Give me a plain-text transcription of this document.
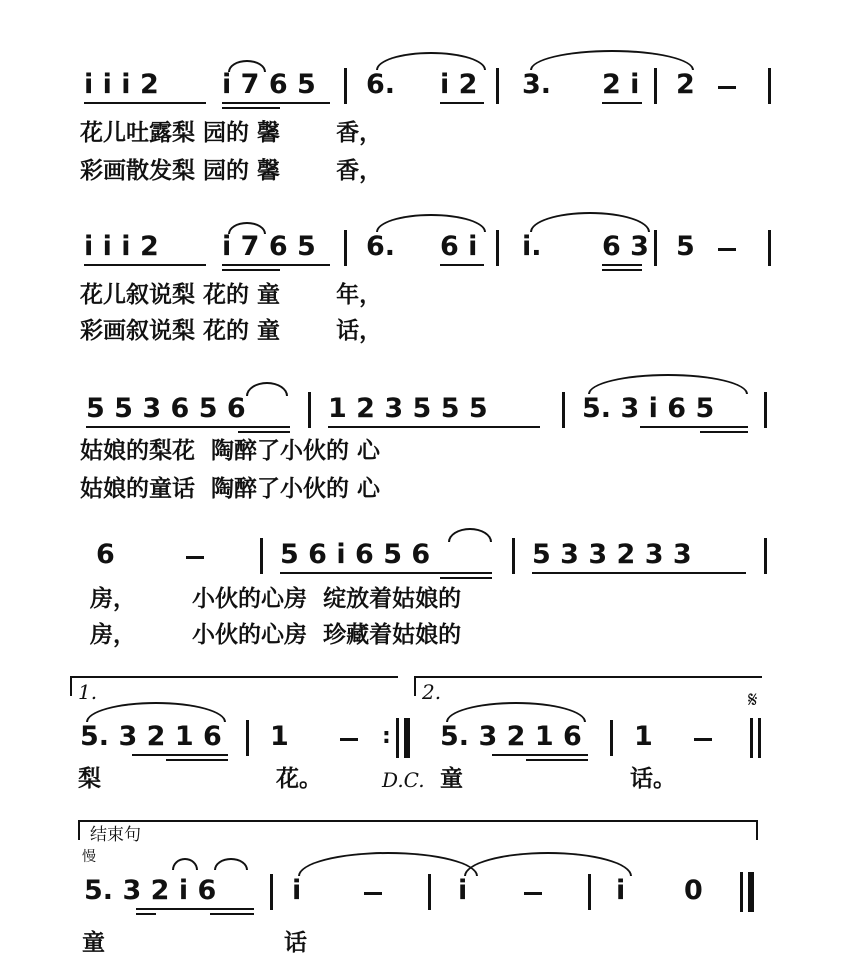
i i i 2 i 7 6 5 6. i 2 3. 2 i 2
花儿吐露梨 园的 馨       香，
彩画散发梨 园的 馨       香，
i i i 2 i 7 6 5 6. 6 i i. 6 3 5
花儿叙说梨 花的 童       年，
彩画叙说梨 花的 童       话，
5 5 3 6 5 6	1 2 3 5 5 5	5. 3 i 6 5
姑娘的梨花  陶醉了小伙的 心
姑娘的童话  陶醉了小伙的 心
6	5 6 i 6 5 6	5 3 3 2 3 3
房，       小伙的心房  绽放着姑娘的
房，       小伙的心房  珍藏着姑娘的
1.	2.	𝄋
5. 3 2 1 6 1	: 5. 3 2 1 6 1
梨	花。	D.C. 童	话。
结束句
慢
5. 3 2 i 6	i	i	i 0
童	话
